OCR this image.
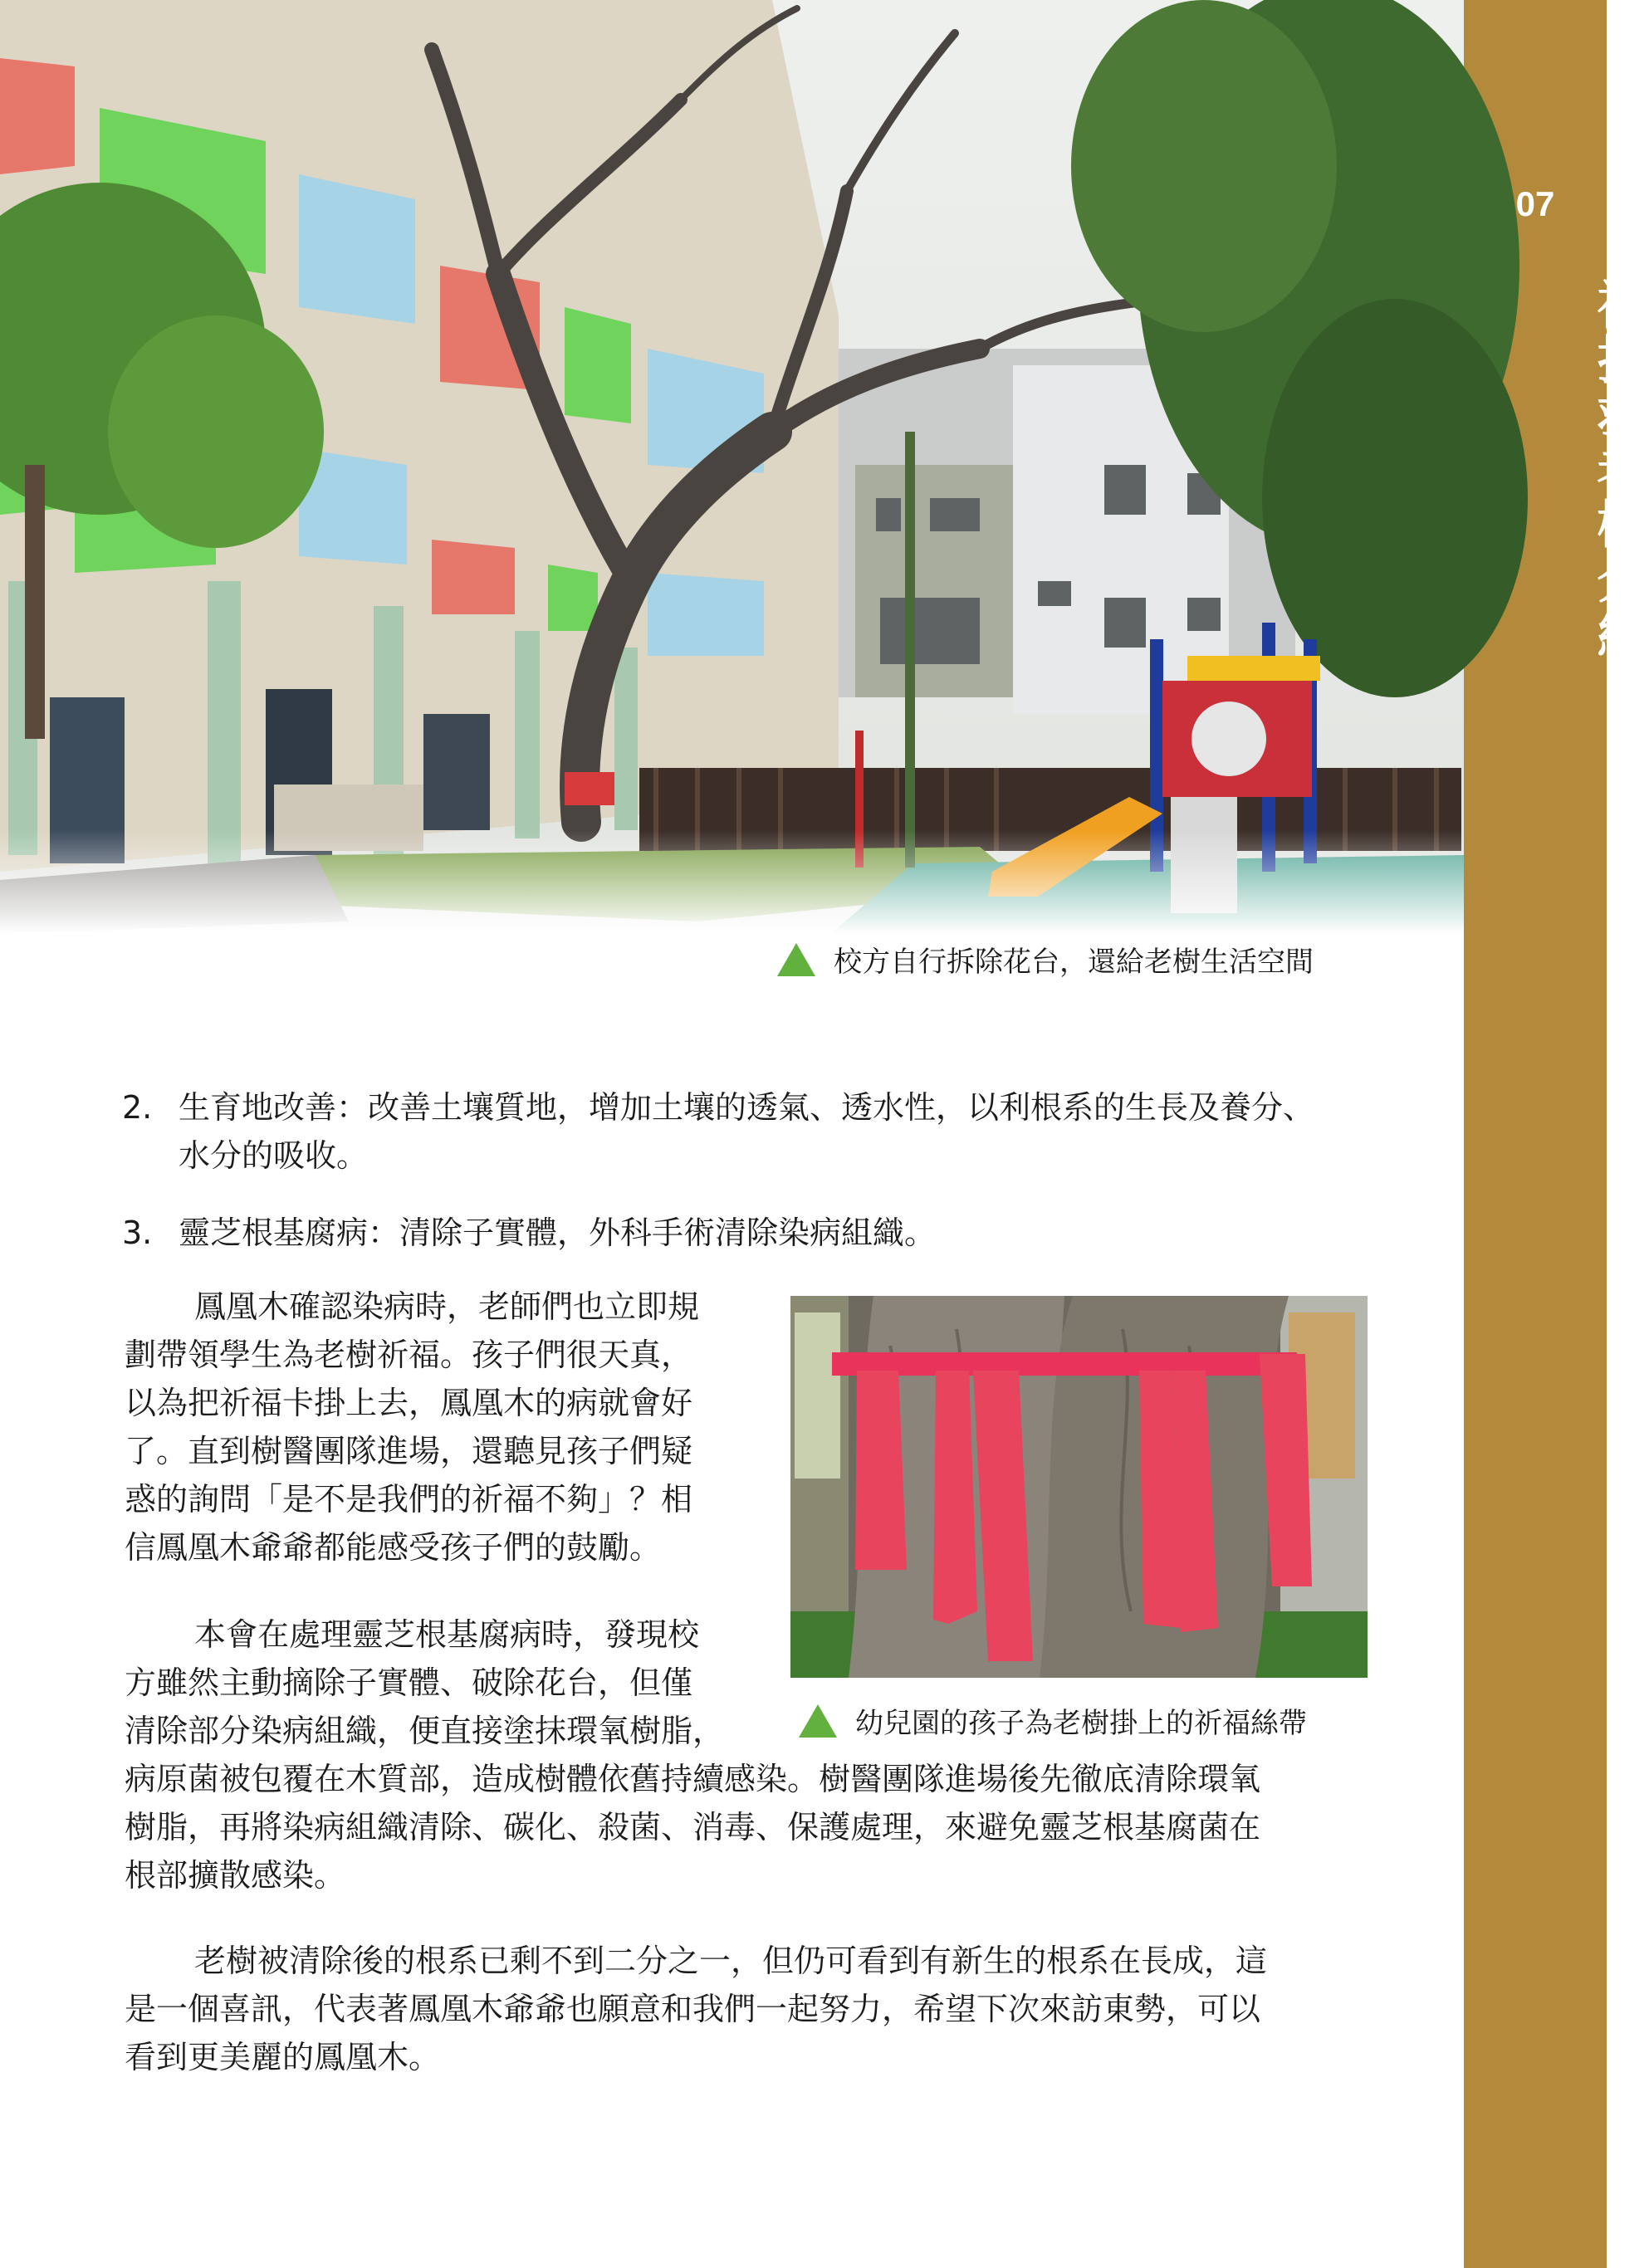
07
被搶救老樹介紹
校方自行拆除花台，還給老樹生活空間
2. 生育地改善：改善土壤質地，增加土壤的透氣、透水性，以利根系的生長及養分、
水分的吸收。
3. 靈芝根基腐病：清除子實體，外科手術清除染病組織。
鳳凰木確認染病時，老師們也立即規
劃帶領學生為老樹祈福。孩子們很天真，
以為把祈福卡掛上去，鳳凰木的病就會好
了。直到樹醫團隊進場，還聽見孩子們疑
惑的詢問「是不是我們的祈福不夠」？相
信鳳凰木爺爺都能感受孩子們的鼓勵。
幼兒園的孩子為老樹掛上的祈福絲帶
本會在處理靈芝根基腐病時，發現校
方雖然主動摘除子實體、破除花台，但僅
清除部分染病組織，便直接塗抹環氧樹脂，
病原菌被包覆在木質部，造成樹體依舊持續感染。樹醫團隊進場後先徹底清除環氧
樹脂，再將染病組織清除、碳化、殺菌、消毒、保護處理，來避免靈芝根基腐菌在
根部擴散感染。
老樹被清除後的根系已剩不到二分之一，但仍可看到有新生的根系在長成，這
是一個喜訊，代表著鳳凰木爺爺也願意和我們一起努力，希望下次來訪東勢，可以
看到更美麗的鳳凰木。
